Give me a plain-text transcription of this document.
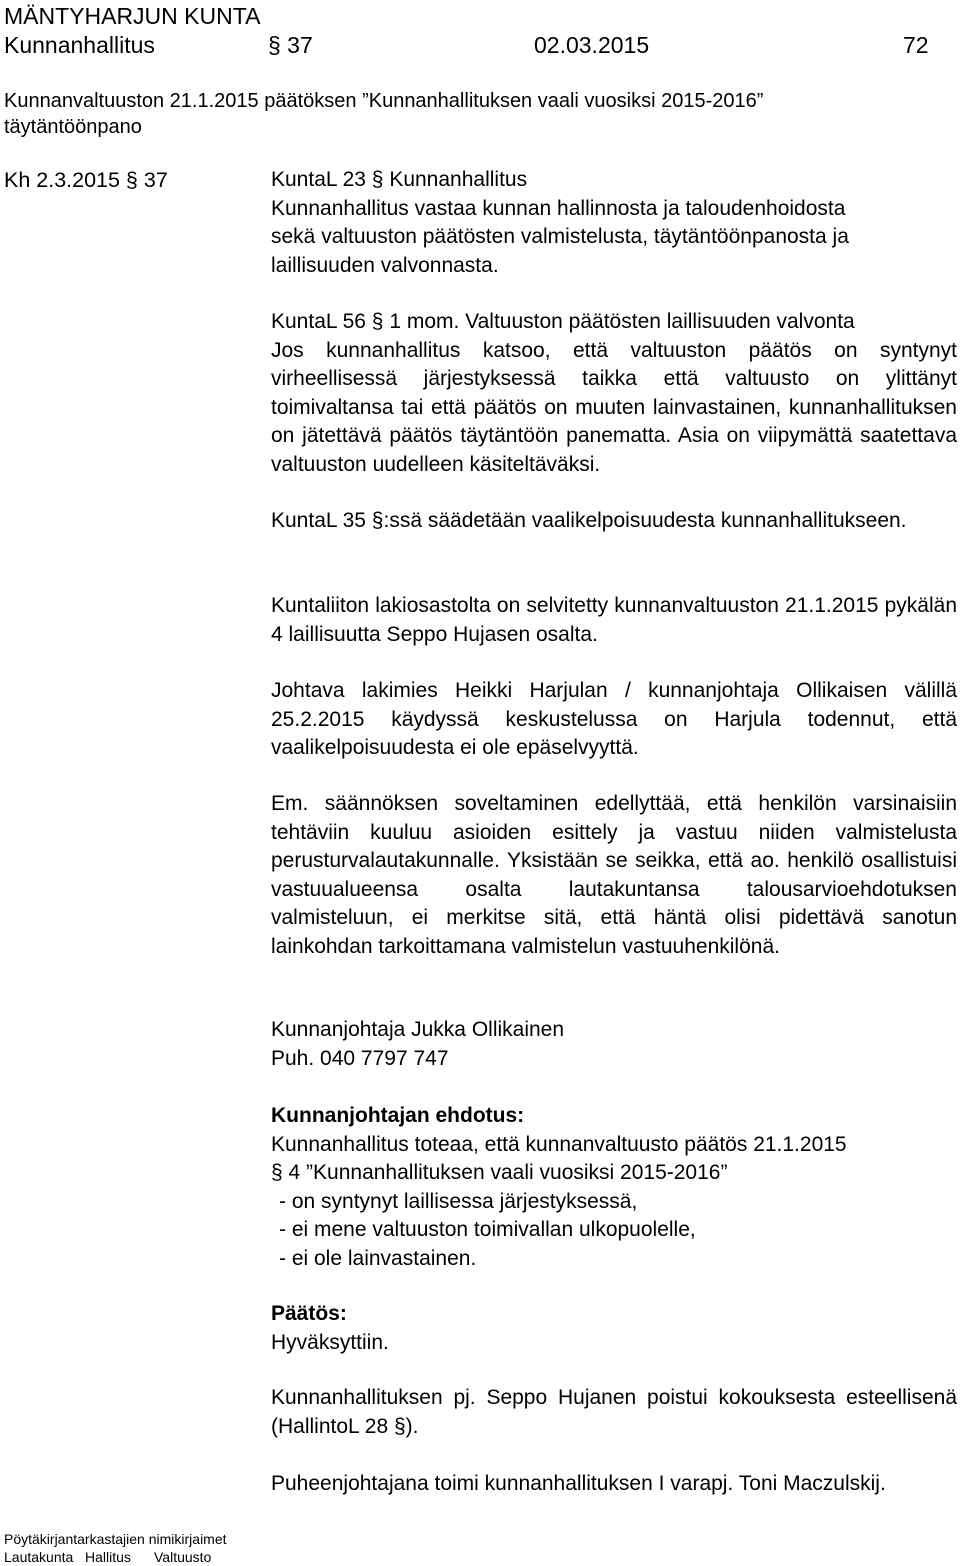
MÄNTYHARJUN KUNTA
Kunnanhallitus	§ 37	02.03.2015	72
Kunnanvaltuuston 21.1.2015 päätöksen ”Kunnanhallituksen vaali vuosiksi 2015-2016”
täytäntöönpano
Kh 2.3.2015 § 37	KuntaL 23 § Kunnanhallitus
Kunnanhallitus vastaa kunnan hallinnosta ja taloudenhoidosta
sekä valtuuston päätösten valmistelusta, täytäntöönpanosta ja
laillisuuden valvonnasta.
KuntaL 56 § 1 mom. Valtuuston päätösten laillisuuden valvonta
Jos kunnanhallitus katsoo, että valtuuston päätös on syntynyt virheellisessä järjestyksessä taikka että valtuusto on ylittänyt toimivaltansa tai että päätös on muuten lainvastainen, kunnanhallituksen on jätettävä päätös täytäntöön panematta. Asia on viipymättä saatettava valtuuston uudelleen käsiteltäväksi.
KuntaL 35 §:ssä säädetään vaalikelpoisuudesta kunnanhallitukseen.
Kuntaliiton lakiosastolta on selvitetty kunnanvaltuuston 21.1.2015 pykälän 4 laillisuutta Seppo Hujasen osalta.
Johtava lakimies Heikki Harjulan / kunnanjohtaja Ollikaisen välillä 25.2.2015 käydyssä keskustelussa on Harjula todennut, että vaalikelpoisuudesta ei ole epäselvyyttä.
Em. säännöksen soveltaminen edellyttää, että henkilön varsinaisiin tehtäviin kuuluu asioiden esittely ja vastuu niiden valmistelusta perusturvalautakunnalle. Yksistään se seikka, että ao. henkilö osallistuisi vastuualueensa osalta lautakuntansa talousarvioehdotuksen valmisteluun, ei merkitse sitä, että häntä olisi pidettävä sanotun lainkohdan tarkoittamana valmistelun vastuuhenkilönä.
Kunnanjohtaja Jukka Ollikainen
Puh. 040 7797 747
Kunnanjohtajan ehdotus:
Kunnanhallitus toteaa, että kunnanvaltuusto päätös 21.1.2015
§ 4 ”Kunnanhallituksen vaali vuosiksi 2015-2016”
- on syntynyt laillisessa järjestyksessä,
- ei mene valtuuston toimivallan ulkopuolelle,
- ei ole lainvastainen.
Päätös:
Hyväksyttiin.
Kunnanhallituksen pj. Seppo Hujanen poistui kokouksesta esteellisenä (HallintoL 28 §).
Puheenjohtajana toimi kunnanhallituksen I varapj. Toni Maczulskij.
Pöytäkirjantarkastajien nimikirjaimet
Lautakunta Hallitus Valtuusto
